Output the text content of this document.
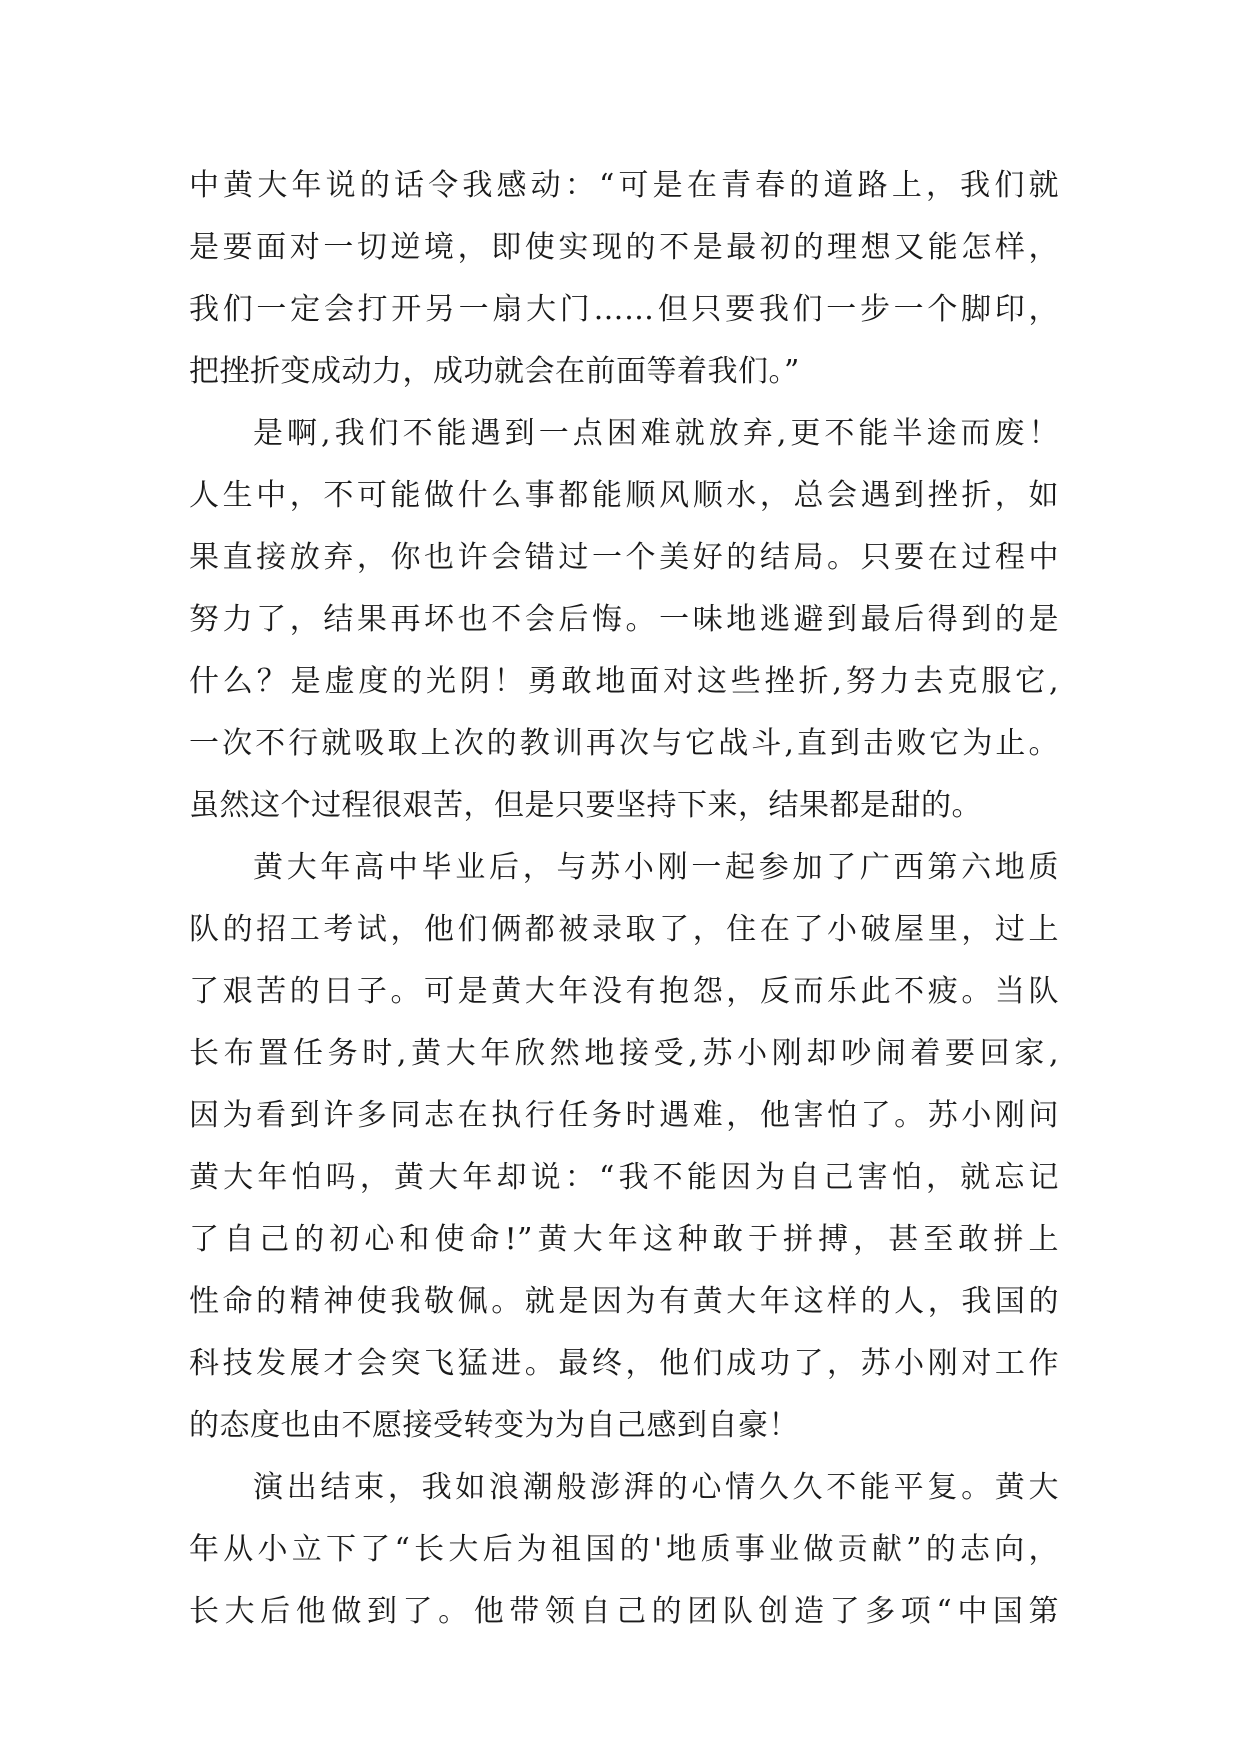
中黄大年说的话令我感动：“可是在青春的道路上，我们就
是要面对一切逆境，即使实现的不是最初的理想又能怎样，
我们一定会打开另一扇大门……但只要我们一步一个脚印，
把挫折变成动力，成功就会在前面等着我们。”
是啊,我们不能遇到一点困难就放弃,更不能半途而废！
人生中，不可能做什么事都能顺风顺水，总会遇到挫折，如
果直接放弃，你也许会错过一个美好的结局。只要在过程中
努力了，结果再坏也不会后悔。一味地逃避到最后得到的是
什么？是虚度的光阴！勇敢地面对这些挫折,努力去克服它,
一次不行就吸取上次的教训再次与它战斗,直到击败它为止。
虽然这个过程很艰苦，但是只要坚持下来，结果都是甜的。
黄大年高中毕业后，与苏小刚一起参加了广西第六地质
队的招工考试，他们俩都被录取了，住在了小破屋里，过上
了艰苦的日子。可是黄大年没有抱怨，反而乐此不疲。当队
长布置任务时,黄大年欣然地接受,苏小刚却吵闹着要回家,
因为看到许多同志在执行任务时遇难，他害怕了。苏小刚问
黄大年怕吗，黄大年却说：“我不能因为自己害怕，就忘记
了自己的初心和使命!”黄大年这种敢于拼搏，甚至敢拼上
性命的精神使我敬佩。就是因为有黄大年这样的人，我国的
科技发展才会突飞猛进。最终，他们成功了，苏小刚对工作
的态度也由不愿接受转变为为自己感到自豪！
演出结束，我如浪潮般澎湃的心情久久不能平复。黄大
年从小立下了“长大后为祖国的'地质事业做贡献”的志向，
长大后他做到了。他带领自己的团队创造了多项“中国第
